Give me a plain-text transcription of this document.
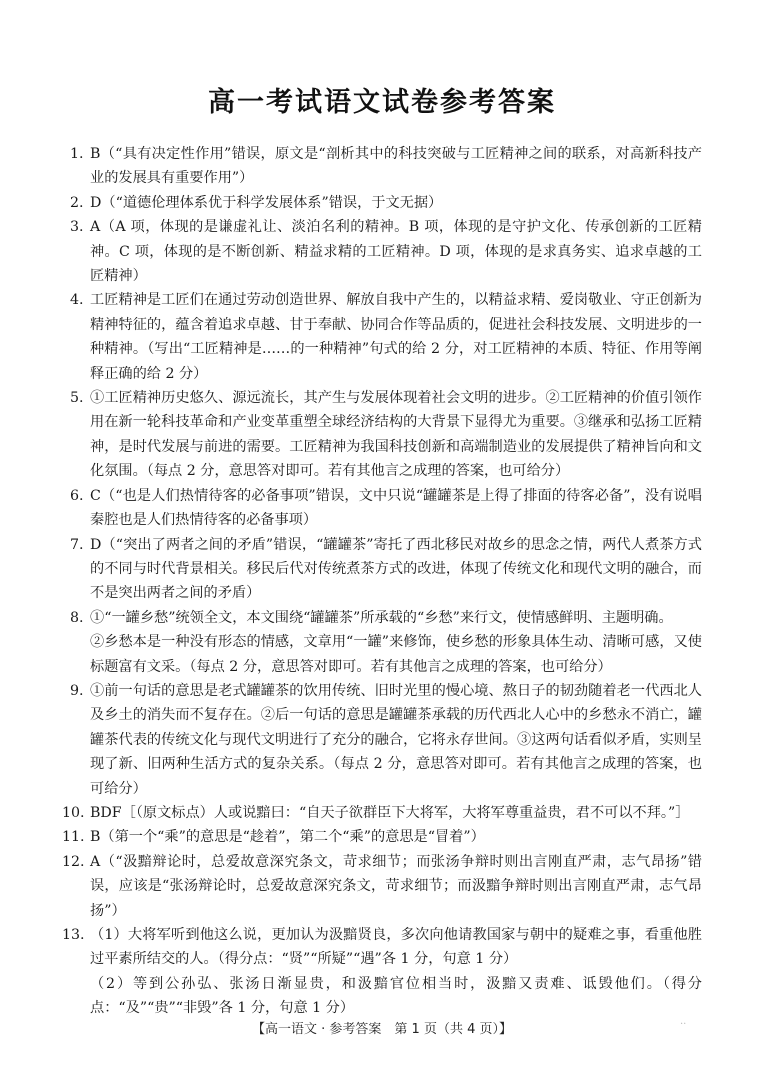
高一考试语文试卷参考答案

1. B（“具有决定性作用”错误，原文是“剖析其中的科技突破与工匠精神之间的联系，对高新科技产业的发展具有重要作用”）

2. D（“道德伦理体系优于科学发展体系”错误，于文无据）

3. A（A 项，体现的是谦虚礼让、淡泊名利的精神。B 项，体现的是守护文化、传承创新的工匠精神。C 项，体现的是不断创新、精益求精的工匠精神。D 项，体现的是求真务实、追求卓越的工匠精神）

4. 工匠精神是工匠们在通过劳动创造世界、解放自我中产生的，以精益求精、爱岗敬业、守正创新为精神特征的，蕴含着追求卓越、甘于奉献、协同合作等品质的，促进社会科技发展、文明进步的一种精神。（写出“工匠精神是……的一种精神”句式的给 2 分，对工匠精神的本质、特征、作用等阐释正确的给 2 分）

5. ①工匠精神历史悠久、源远流长，其产生与发展体现着社会文明的进步。②工匠精神的价值引领作用在新一轮科技革命和产业变革重塑全球经济结构的大背景下显得尤为重要。③继承和弘扬工匠精神，是时代发展与前进的需要。工匠精神为我国科技创新和高端制造业的发展提供了精神旨向和文化氛围。（每点 2 分，意思答对即可。若有其他言之成理的答案，也可给分）

6. C（“也是人们热情待客的必备事项”错误，文中只说“罐罐茶是上得了排面的待客必备”，没有说唱秦腔也是人们热情待客的必备事项）

7. D（“突出了两者之间的矛盾”错误，“罐罐茶”寄托了西北移民对故乡的思念之情，两代人煮茶方式的不同与时代背景相关。移民后代对传统煮茶方式的改进，体现了传统文化和现代文明的融合，而不是突出两者之间的矛盾）

8. ①“一罐乡愁”统领全文，本文围绕“罐罐茶”所承载的“乡愁”来行文，使情感鲜明、主题明确。
②乡愁本是一种没有形态的情感，文章用“一罐”来修饰，使乡愁的形象具体生动、清晰可感，又使标题富有文采。（每点 2 分，意思答对即可。若有其他言之成理的答案，也可给分）

9. ①前一句话的意思是老式罐罐茶的饮用传统、旧时光里的慢心境、熬日子的韧劲随着老一代西北人及乡土的消失而不复存在。②后一句话的意思是罐罐茶承载的历代西北人心中的乡愁永不消亡，罐罐茶代表的传统文化与现代文明进行了充分的融合，它将永存世间。③这两句话看似矛盾，实则呈现了新、旧两种生活方式的复杂关系。（每点 2 分，意思答对即可。若有其他言之成理的答案，也可给分）

10. BDF［（原文标点）人或说黯曰：“自天子欲群臣下大将军，大将军尊重益贵，君不可以不拜。”］

11. B（第一个“乘”的意思是“趁着”，第二个“乘”的意思是“冒着”）

12. A（“汲黯辩论时，总爱故意深究条文，苛求细节；而张汤争辩时则出言刚直严肃，志气昂扬”错误，应该是“张汤辩论时，总爱故意深究条文，苛求细节；而汲黯争辩时则出言刚直严肃，志气昂扬”）

13. （1）大将军听到他这么说，更加认为汲黯贤良，多次向他请教国家与朝中的疑难之事，看重他胜过平素所结交的人。（得分点：“贤”“所疑”“遇”各 1 分，句意 1 分）
（2）等到公孙弘、张汤日渐显贵，和汲黯官位相当时，汲黯又责难、诋毁他们。（得分点：“及”“贵”“非毁”各 1 分，句意 1 分）

【高一语文 · 参考答案　第 1 页（共 4 页）】
..
